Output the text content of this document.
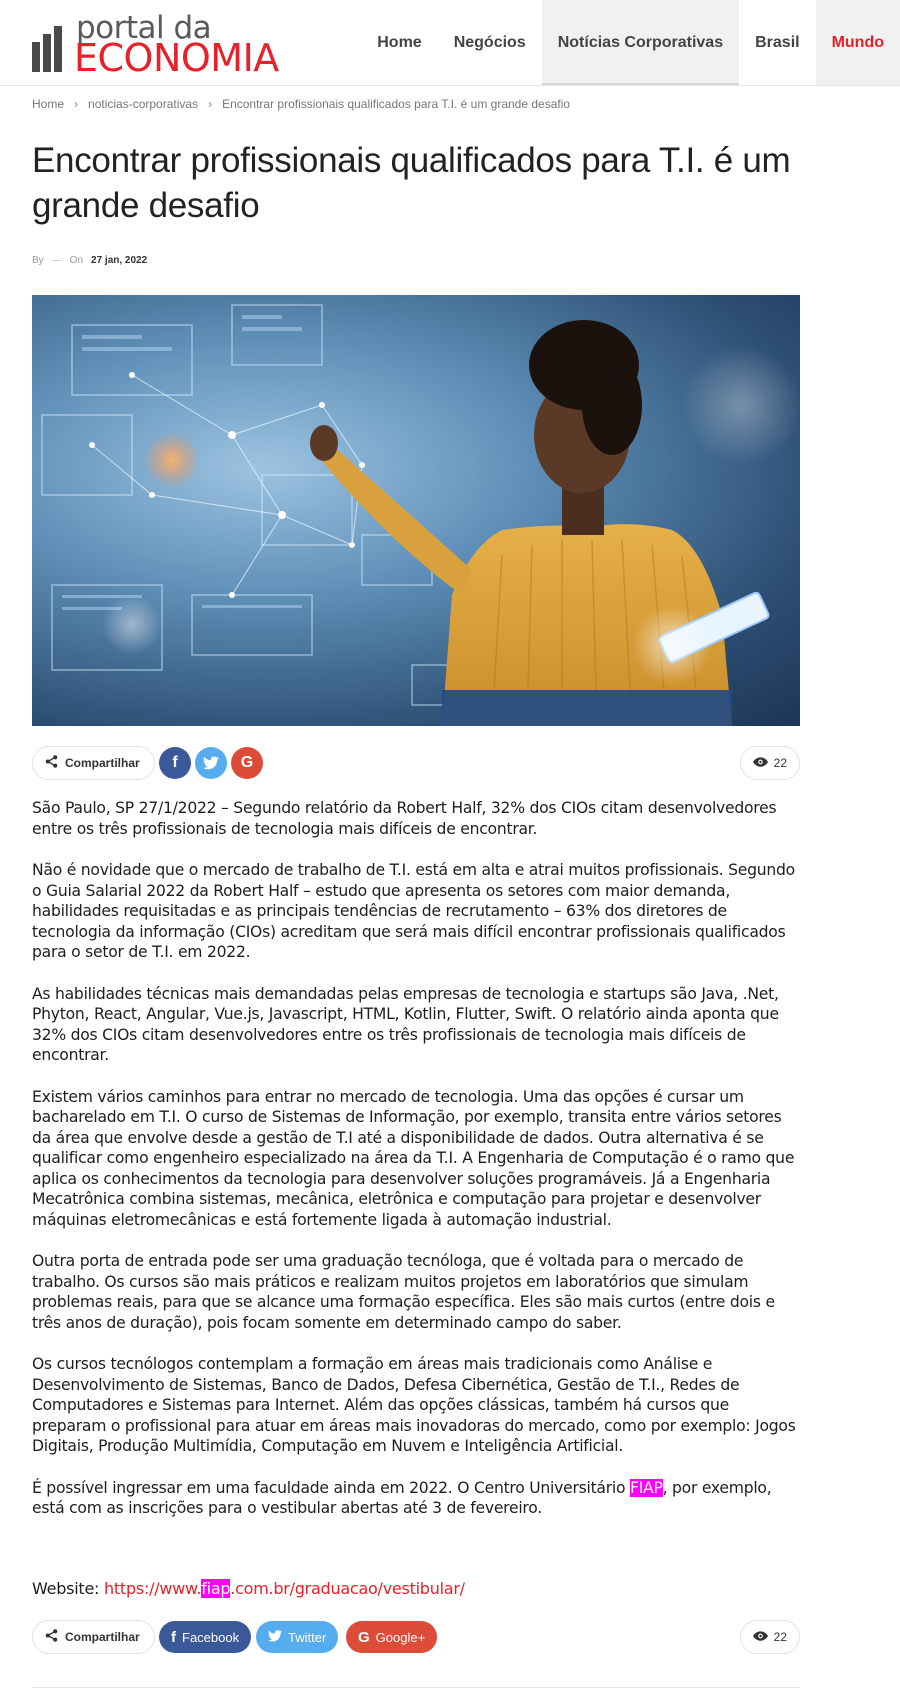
portal da
ECONOMIA	Home	Negócios	Notícias Corporativas	Brasil	Mundo
Home › noticias-corporativas › Encontrar profissionais qualificados para T.I. é um grande desafio
Encontrar profissionais qualificados para T.I. é um grande desafio
By — On 27 jan, 2022
Compartilhar	f	G	22

São Paulo, SP 27/1/2022 – Segundo relatório da Robert Half, 32% dos CIOs citam desenvolvedores entre os três profissionais de tecnologia mais difíceis de encontrar.

Não é novidade que o mercado de trabalho de T.I. está em alta e atrai muitos profissionais. Segundo o Guia Salarial 2022 da Robert Half – estudo que apresenta os setores com maior demanda, habilidades requisitadas e as principais tendências de recrutamento – 63% dos diretores de tecnologia da informação (CIOs) acreditam que será mais difícil encontrar profissionais qualificados para o setor de T.I. em 2022.

As habilidades técnicas mais demandadas pelas empresas de tecnologia e startups são Java, .Net, Phyton, React, Angular, Vue.js, Javascript, HTML, Kotlin, Flutter, Swift. O relatório ainda aponta que 32% dos CIOs citam desenvolvedores entre os três profissionais de tecnologia mais difíceis de encontrar.

Existem vários caminhos para entrar no mercado de tecnologia. Uma das opções é cursar um bacharelado em T.I. O curso de Sistemas de Informação, por exemplo, transita entre vários setores da área que envolve desde a gestão de T.I até a disponibilidade de dados. Outra alternativa é se qualificar como engenheiro especializado na área da T.I. A Engenharia de Computação é o ramo que aplica os conhecimentos da tecnologia para desenvolver soluções programáveis. Já a Engenharia Mecatrônica combina sistemas, mecânica, eletrônica e computação para projetar e desenvolver máquinas eletromecânicas e está fortemente ligada à automação industrial.

Outra porta de entrada pode ser uma graduação tecnóloga, que é voltada para o mercado de trabalho. Os cursos são mais práticos e realizam muitos projetos em laboratórios que simulam problemas reais, para que se alcance uma formação específica. Eles são mais curtos (entre dois e três anos de duração), pois focam somente em determinado campo do saber.

Os cursos tecnólogos contemplam a formação em áreas mais tradicionais como Análise e Desenvolvimento de Sistemas, Banco de Dados, Defesa Cibernética, Gestão de T.I., Redes de Computadores e Sistemas para Internet. Além das opções clássicas, também há cursos que preparam o profissional para atuar em áreas mais inovadoras do mercado, como por exemplo: Jogos Digitais, Produção Multimídia, Computação em Nuvem e Inteligência Artificial.

É possível ingressar em uma faculdade ainda em 2022. O Centro Universitário FIAP, por exemplo, está com as inscrições para o vestibular abertas até 3 de fevereiro.

Website: https://www.fiap.com.br/graduacao/vestibular/
Compartilhar f Facebook	Twitter G Google+	22
